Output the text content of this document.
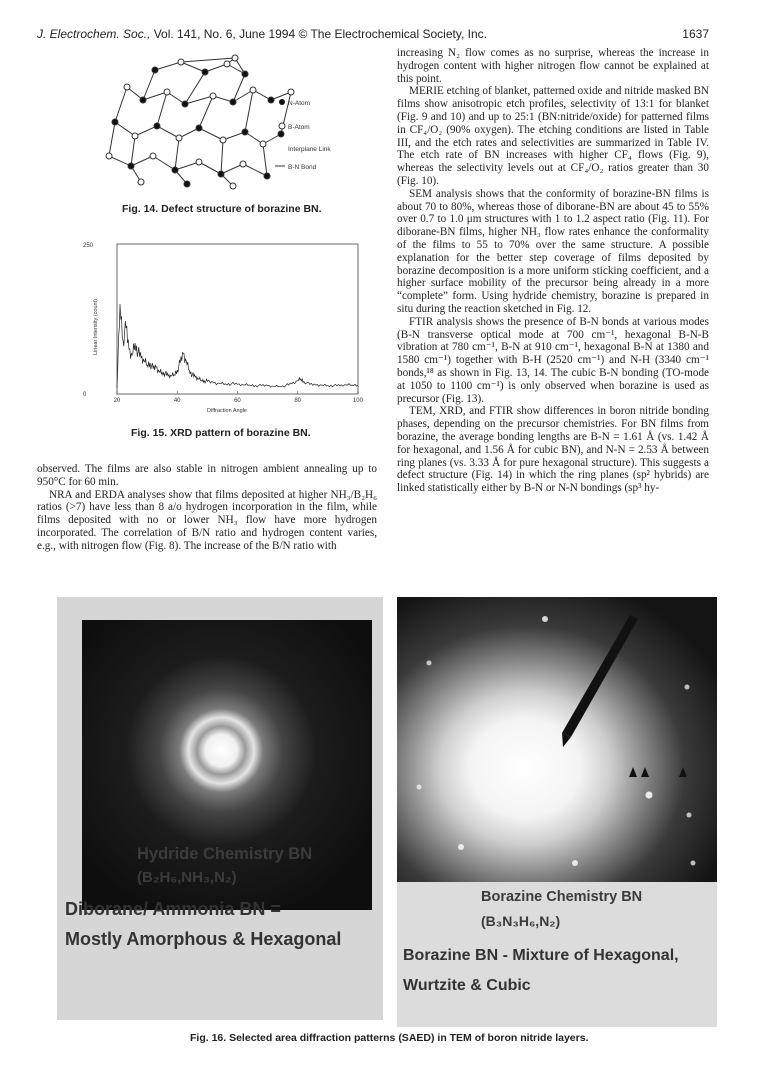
J. Electrochem. Soc., Vol. 141, No. 6, June 1994 © The Electrochemical Society, Inc.	1637
N-Atom
B-Atom
Interplane Link
B-N Bond
Fig. 14. Defect structure of borazine BN.
250
0
Linear Intensity (count)
20	40	60	80	100
Diffraction Angle
Fig. 15. XRD pattern of borazine BN.

observed. The films are also stable in nitrogen ambient annealing up to 950°C for 60 min.

NRA and ERDA analyses show that films deposited at higher NH₃/B₂H₆ ratios (>7) have less than 8 a/o hydrogen incorporation in the film, while films deposited with no or lower NH₃ flow have more hydrogen incorporated. The correlation of B/N ratio and hydrogen content varies, e.g., with nitrogen flow (Fig. 8). The increase of the B/N ratio with

increasing N₂ flow comes as no surprise, whereas the increase in hydrogen content with higher nitrogen flow cannot be explained at this point.

MERIE etching of blanket, patterned oxide and nitride masked BN films show anisotropic etch profiles, selectivity of 13:1 for blanket (Fig. 9 and 10) and up to 25:1 (BN:nitride/oxide) for patterned films in CF₄/O₂ (90% oxygen). The etching conditions are listed in Table III, and the etch rates and selectivities are summarized in Table IV. The etch rate of BN increases with higher CF₄ flows (Fig. 9), whereas the selectivity levels out at CF₄/O₂ ratios greater than 30 (Fig. 10).

SEM analysis shows that the conformity of borazine-BN films is about 70 to 80%, whereas those of diborane-BN are about 45 to 55% over 0.7 to 1.0 μm structures with 1 to 1.2 aspect ratio (Fig. 11). For diborane-BN films, higher NH₃ flow rates enhance the conformality of the films to 55 to 70% over the same structure. A possible explanation for the better step coverage of films deposited by borazine decomposition is a more uniform sticking coefficient, and a higher surface mobility of the precursor being already in a more “complete” form. Using hydride chemistry, borazine is prepared in situ during the reaction sketched in Fig. 12.

FTIR analysis shows the presence of B-N bonds at various modes (B-N transverse optical mode at 700 cm⁻¹, hexagonal B-N-B vibration at 780 cm⁻¹, B-N at 910 cm⁻¹, hexagonal B-N at 1380 and 1580 cm⁻¹) together with B-H (2520 cm⁻¹) and N-H (3340 cm⁻¹ bonds,¹⁸ as shown in Fig. 13, 14. The cubic B-N bonding (TO-mode at 1050 to 1100 cm⁻¹) is only observed when borazine is used as precursor (Fig. 13).

TEM, XRD, and FTIR show differences in boron nitride bonding phases, depending on the precursor chemistries. For BN films from borazine, the average bonding lengths are B-N = 1.61 Å (vs. 1.42 Å for hexagonal, and 1.56 Å for cubic BN), and N-N = 2.53 Å between ring planes (vs. 3.33 Å for pure hexagonal structure). This suggests a defect structure (Fig. 14) in which the ring planes (sp² hybrids) are linked statistically either by B-N or N-N bondings (sp³ hy-

Hydride Chemistry BN
(B₂H₆,NH₃,N₂)
Diborane/ Ammonia BN =
Mostly Amorphous & Hexagonal
Borazine Chemistry BN
(B₃N₃H₆,N₂)
Borazine BN - Mixture of Hexagonal,
Wurtzite & Cubic
Fig. 16. Selected area diffraction patterns (SAED) in TEM of boron nitride layers.
